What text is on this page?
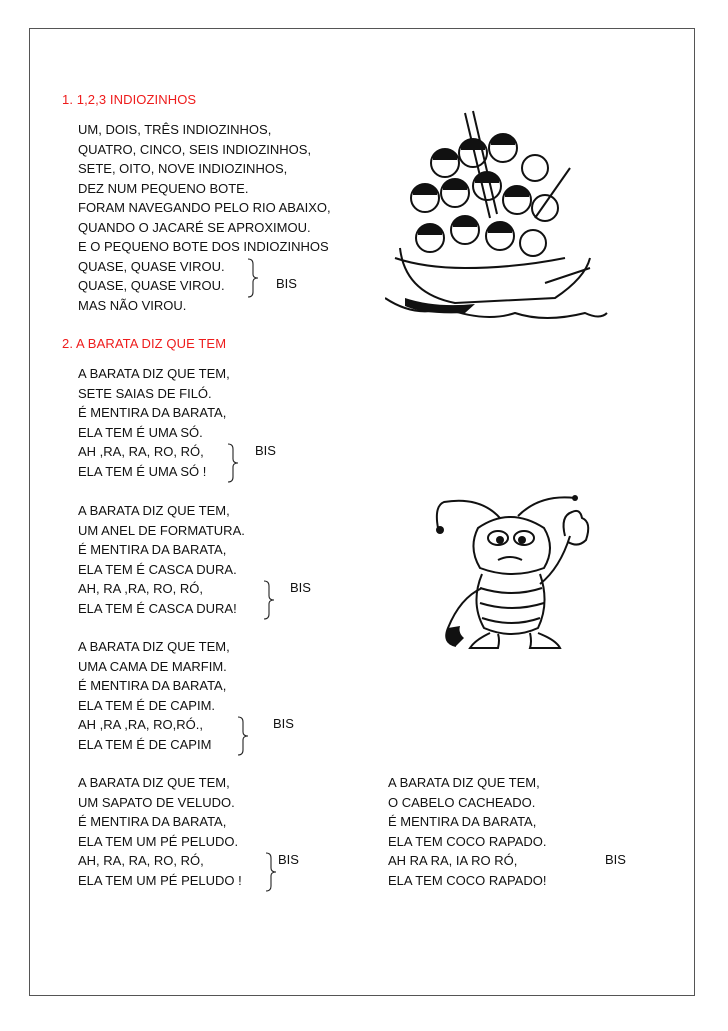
1. 1,2,3 INDIOZINHOS
UM, DOIS, TRÊS INDIOZINHOS,
QUATRO, CINCO, SEIS INDIOZINHOS,
SETE, OITO, NOVE INDIOZINHOS,
DEZ NUM PEQUENO BOTE.
FORAM NAVEGANDO PELO RIO ABAIXO,
QUANDO O JACARÉ SE APROXIMOU.
E O PEQUENO BOTE DOS INDIOZINHOS
QUASE, QUASE VIROU.
QUASE, QUASE VIROU.
MAS NÃO VIROU.
BIS
2. A BARATA DIZ QUE TEM
A BARATA DIZ QUE TEM,
SETE SAIAS DE FILÓ.
É MENTIRA DA BARATA,
ELA TEM É UMA SÓ.
AH ,RA, RA, RO, RÓ,
ELA TEM É UMA SÓ !
BIS
A BARATA DIZ QUE TEM,
UM ANEL DE FORMATURA.
É MENTIRA DA BARATA,
ELA TEM É CASCA DURA.
AH, RA ,RA, RO, RÓ,
ELA TEM É CASCA DURA!
BIS
A BARATA DIZ QUE TEM,
UMA CAMA DE MARFIM.
É MENTIRA DA BARATA,
ELA TEM É DE CAPIM.
AH ,RA ,RA, RO,RÓ.,
ELA TEM É DE CAPIM
BIS
A BARATA DIZ QUE TEM,
UM SAPATO DE VELUDO.
É MENTIRA DA BARATA,
ELA TEM UM PÉ PELUDO.
AH, RA, RA, RO, RÓ,
ELA TEM UM PÉ PELUDO !
BIS
A BARATA DIZ QUE TEM,
O CABELO CACHEADO.
É MENTIRA DA BARATA,
ELA TEM COCO RAPADO.
AH RA RA, IA RO RÓ,
ELA TEM COCO RAPADO!
BIS
